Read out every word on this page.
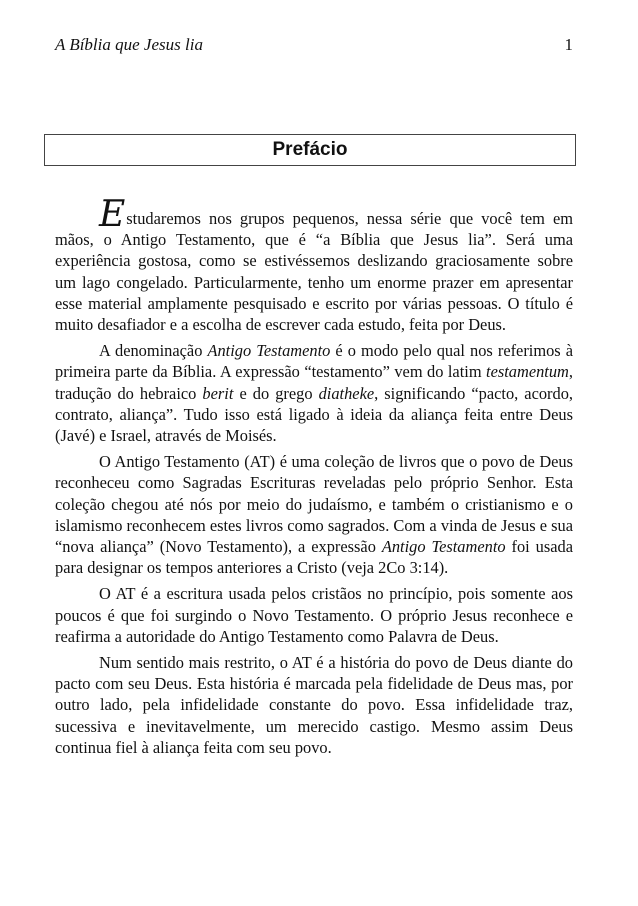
A Bíblia que Jesus lia	1
Prefácio

Estudaremos nos grupos pequenos, nessa série que você tem em mãos, o Antigo Testamento, que é “a Bíblia que Jesus lia”. Será uma experiência gostosa, como se estivéssemos deslizando graciosamente sobre um lago congelado. Particularmente, tenho um enorme prazer em apresentar esse material amplamente pesquisado e escrito por várias pessoas. O título é muito desafiador e a escolha de escrever cada estudo, feita por Deus.

A denominação Antigo Testamento é o modo pelo qual nos referimos à primeira parte da Bíblia. A expressão “testamento” vem do latim testamentum, tradução do hebraico berit e do grego diatheke, significando “pacto, acordo, contrato, aliança”. Tudo isso está ligado à ideia da aliança feita entre Deus (Javé) e Israel, através de Moisés.

O Antigo Testamento (AT) é uma coleção de livros que o povo de Deus reconheceu como Sagradas Escrituras reveladas pelo próprio Senhor. Esta coleção chegou até nós por meio do judaísmo, e também o cristianismo e o islamismo reconhecem estes livros como sagrados. Com a vinda de Jesus e sua “nova aliança” (Novo Testamento), a expressão Antigo Testamento foi usada para designar os tempos anteriores a Cristo (veja 2Co 3:14).

O AT é a escritura usada pelos cristãos no princípio, pois somente aos poucos é que foi surgindo o Novo Testamento. O próprio Jesus reconhece e reafirma a autoridade do Antigo Testamento como Palavra de Deus.

Num sentido mais restrito, o AT é a história do povo de Deus diante do pacto com seu Deus. Esta história é marcada pela fidelidade de Deus mas, por outro lado, pela infidelidade constante do povo. Essa infidelidade traz, sucessiva e inevitavelmente, um merecido castigo. Mesmo assim Deus continua fiel à aliança feita com seu povo.
